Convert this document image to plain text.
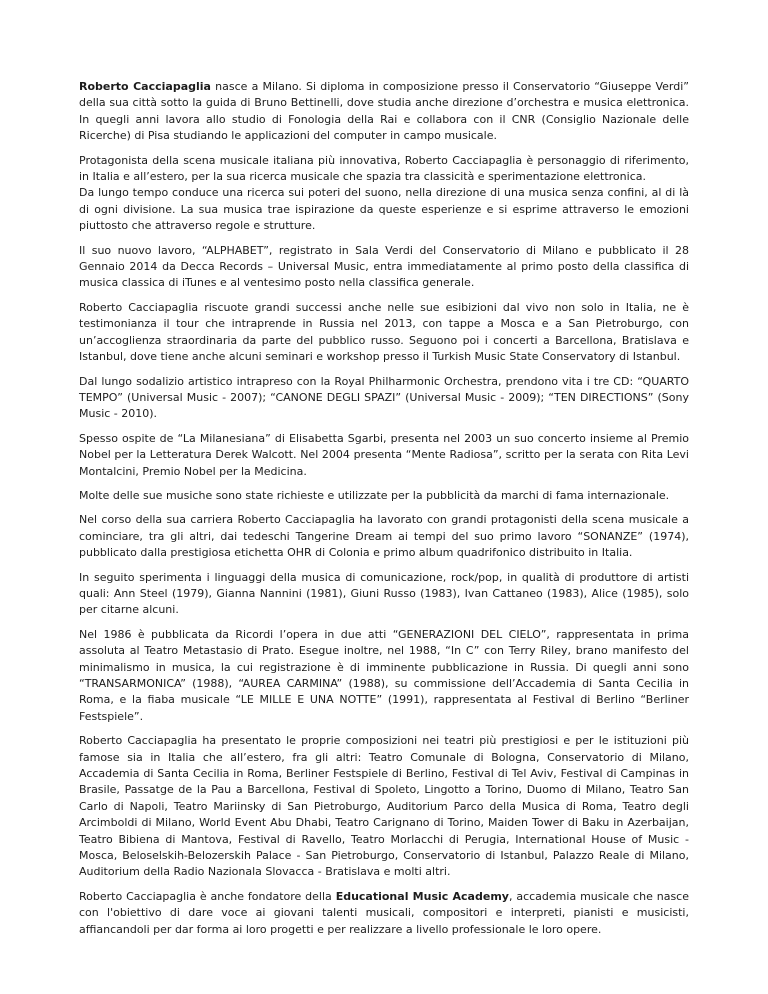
Roberto Cacciapaglia nasce a Milano. Si diploma in composizione presso il Conservatorio “Giuseppe Verdi” della sua città sotto la guida di Bruno Bettinelli, dove studia anche direzione d’orchestra e musica elettronica. In quegli anni lavora allo studio di Fonologia della Rai e collabora con il CNR (Consiglio Nazionale delle Ricerche) di Pisa studiando le applicazioni del computer in campo musicale.

Protagonista della scena musicale italiana più innovativa, Roberto Cacciapaglia è personaggio di riferimento, in Italia e all’estero, per la sua ricerca musicale che spazia tra classicità e sperimentazione elettronica.
Da lungo tempo conduce una ricerca sui poteri del suono, nella direzione di una musica senza confini, al di là di ogni divisione. La sua musica trae ispirazione da queste esperienze e si esprime attraverso le emozioni piuttosto che attraverso regole e strutture.

Il suo nuovo lavoro, “ALPHABET”, registrato in Sala Verdi del Conservatorio di Milano e pubblicato il 28 Gennaio 2014 da Decca Records – Universal Music, entra immediatamente al primo posto della classifica di musica classica di iTunes e al ventesimo posto nella classifica generale.

Roberto Cacciapaglia riscuote grandi successi anche nelle sue esibizioni dal vivo non solo in Italia, ne è testimonianza il tour che intraprende in Russia nel 2013, con tappe a Mosca e a San Pietroburgo, con un’accoglienza straordinaria da parte del pubblico russo. Seguono poi i concerti a Barcellona, Bratislava e Istanbul, dove tiene anche alcuni seminari e workshop presso il Turkish Music State Conservatory di Istanbul.

Dal lungo sodalizio artistico intrapreso con la Royal Philharmonic Orchestra, prendono vita i tre CD: “QUARTO TEMPO” (Universal Music - 2007); “CANONE DEGLI SPAZI” (Universal Music - 2009); “TEN DIRECTIONS” (Sony Music - 2010).

Spesso ospite de “La Milanesiana” di Elisabetta Sgarbi, presenta nel 2003 un suo concerto insieme al Premio Nobel per la Letteratura Derek Walcott. Nel 2004 presenta “Mente Radiosa”, scritto per la serata con Rita Levi Montalcini, Premio Nobel per la Medicina.

Molte delle sue musiche sono state richieste e utilizzate per la pubblicità da marchi di fama internazionale.

Nel corso della sua carriera Roberto Cacciapaglia ha lavorato con grandi protagonisti della scena musicale a cominciare, tra gli altri, dai tedeschi Tangerine Dream ai tempi del suo primo lavoro “SONANZE” (1974), pubblicato dalla prestigiosa etichetta OHR di Colonia e primo album quadrifonico distribuito in Italia.

In seguito sperimenta i linguaggi della musica di comunicazione, rock/pop, in qualità di produttore di artisti quali: Ann Steel (1979), Gianna Nannini (1981), Giuni Russo (1983), Ivan Cattaneo (1983), Alice (1985), solo per citarne alcuni.

Nel 1986 è pubblicata da Ricordi l’opera in due atti “GENERAZIONI DEL CIELO”, rappresentata in prima assoluta al Teatro Metastasio di Prato. Esegue inoltre, nel 1988, “In C” con Terry Riley, brano manifesto del minimalismo in musica, la cui registrazione è di imminente pubblicazione in Russia. Di quegli anni sono “TRANSARMONICA” (1988), “AUREA CARMINA” (1988), su commissione dell’Accademia di Santa Cecilia in Roma, e la fiaba musicale “LE MILLE E UNA NOTTE” (1991), rappresentata al Festival di Berlino “Berliner Festspiele”.

Roberto Cacciapaglia ha presentato le proprie composizioni nei teatri più prestigiosi e per le istituzioni più famose sia in Italia che all’estero, fra gli altri: Teatro Comunale di Bologna, Conservatorio di Milano, Accademia di Santa Cecilia in Roma, Berliner Festspiele di Berlino, Festival di Tel Aviv, Festival di Campinas in Brasile, Passatge de la Pau a Barcellona, Festival di Spoleto, Lingotto a Torino, Duomo di Milano, Teatro San Carlo di Napoli, Teatro Mariinsky di San Pietroburgo, Auditorium Parco della Musica di Roma, Teatro degli Arcimboldi di Milano, World Event Abu Dhabi, Teatro Carignano di Torino, Maiden Tower di Baku in Azerbaijan, Teatro Bibiena di Mantova, Festival di Ravello, Teatro Morlacchi di Perugia, International House of Music - Mosca, Beloselskih-Belozerskih Palace - San Pietroburgo, Conservatorio di Istanbul, Palazzo Reale di Milano, Auditorium della Radio Nazionala Slovacca - Bratislava e molti altri.

Roberto Cacciapaglia è anche fondatore della Educational Music Academy, accademia musicale che nasce con l'obiettivo di dare voce ai giovani talenti musicali, compositori e interpreti, pianisti e musicisti, affiancandoli per dar forma ai loro progetti e per realizzare a livello professionale le loro opere.
